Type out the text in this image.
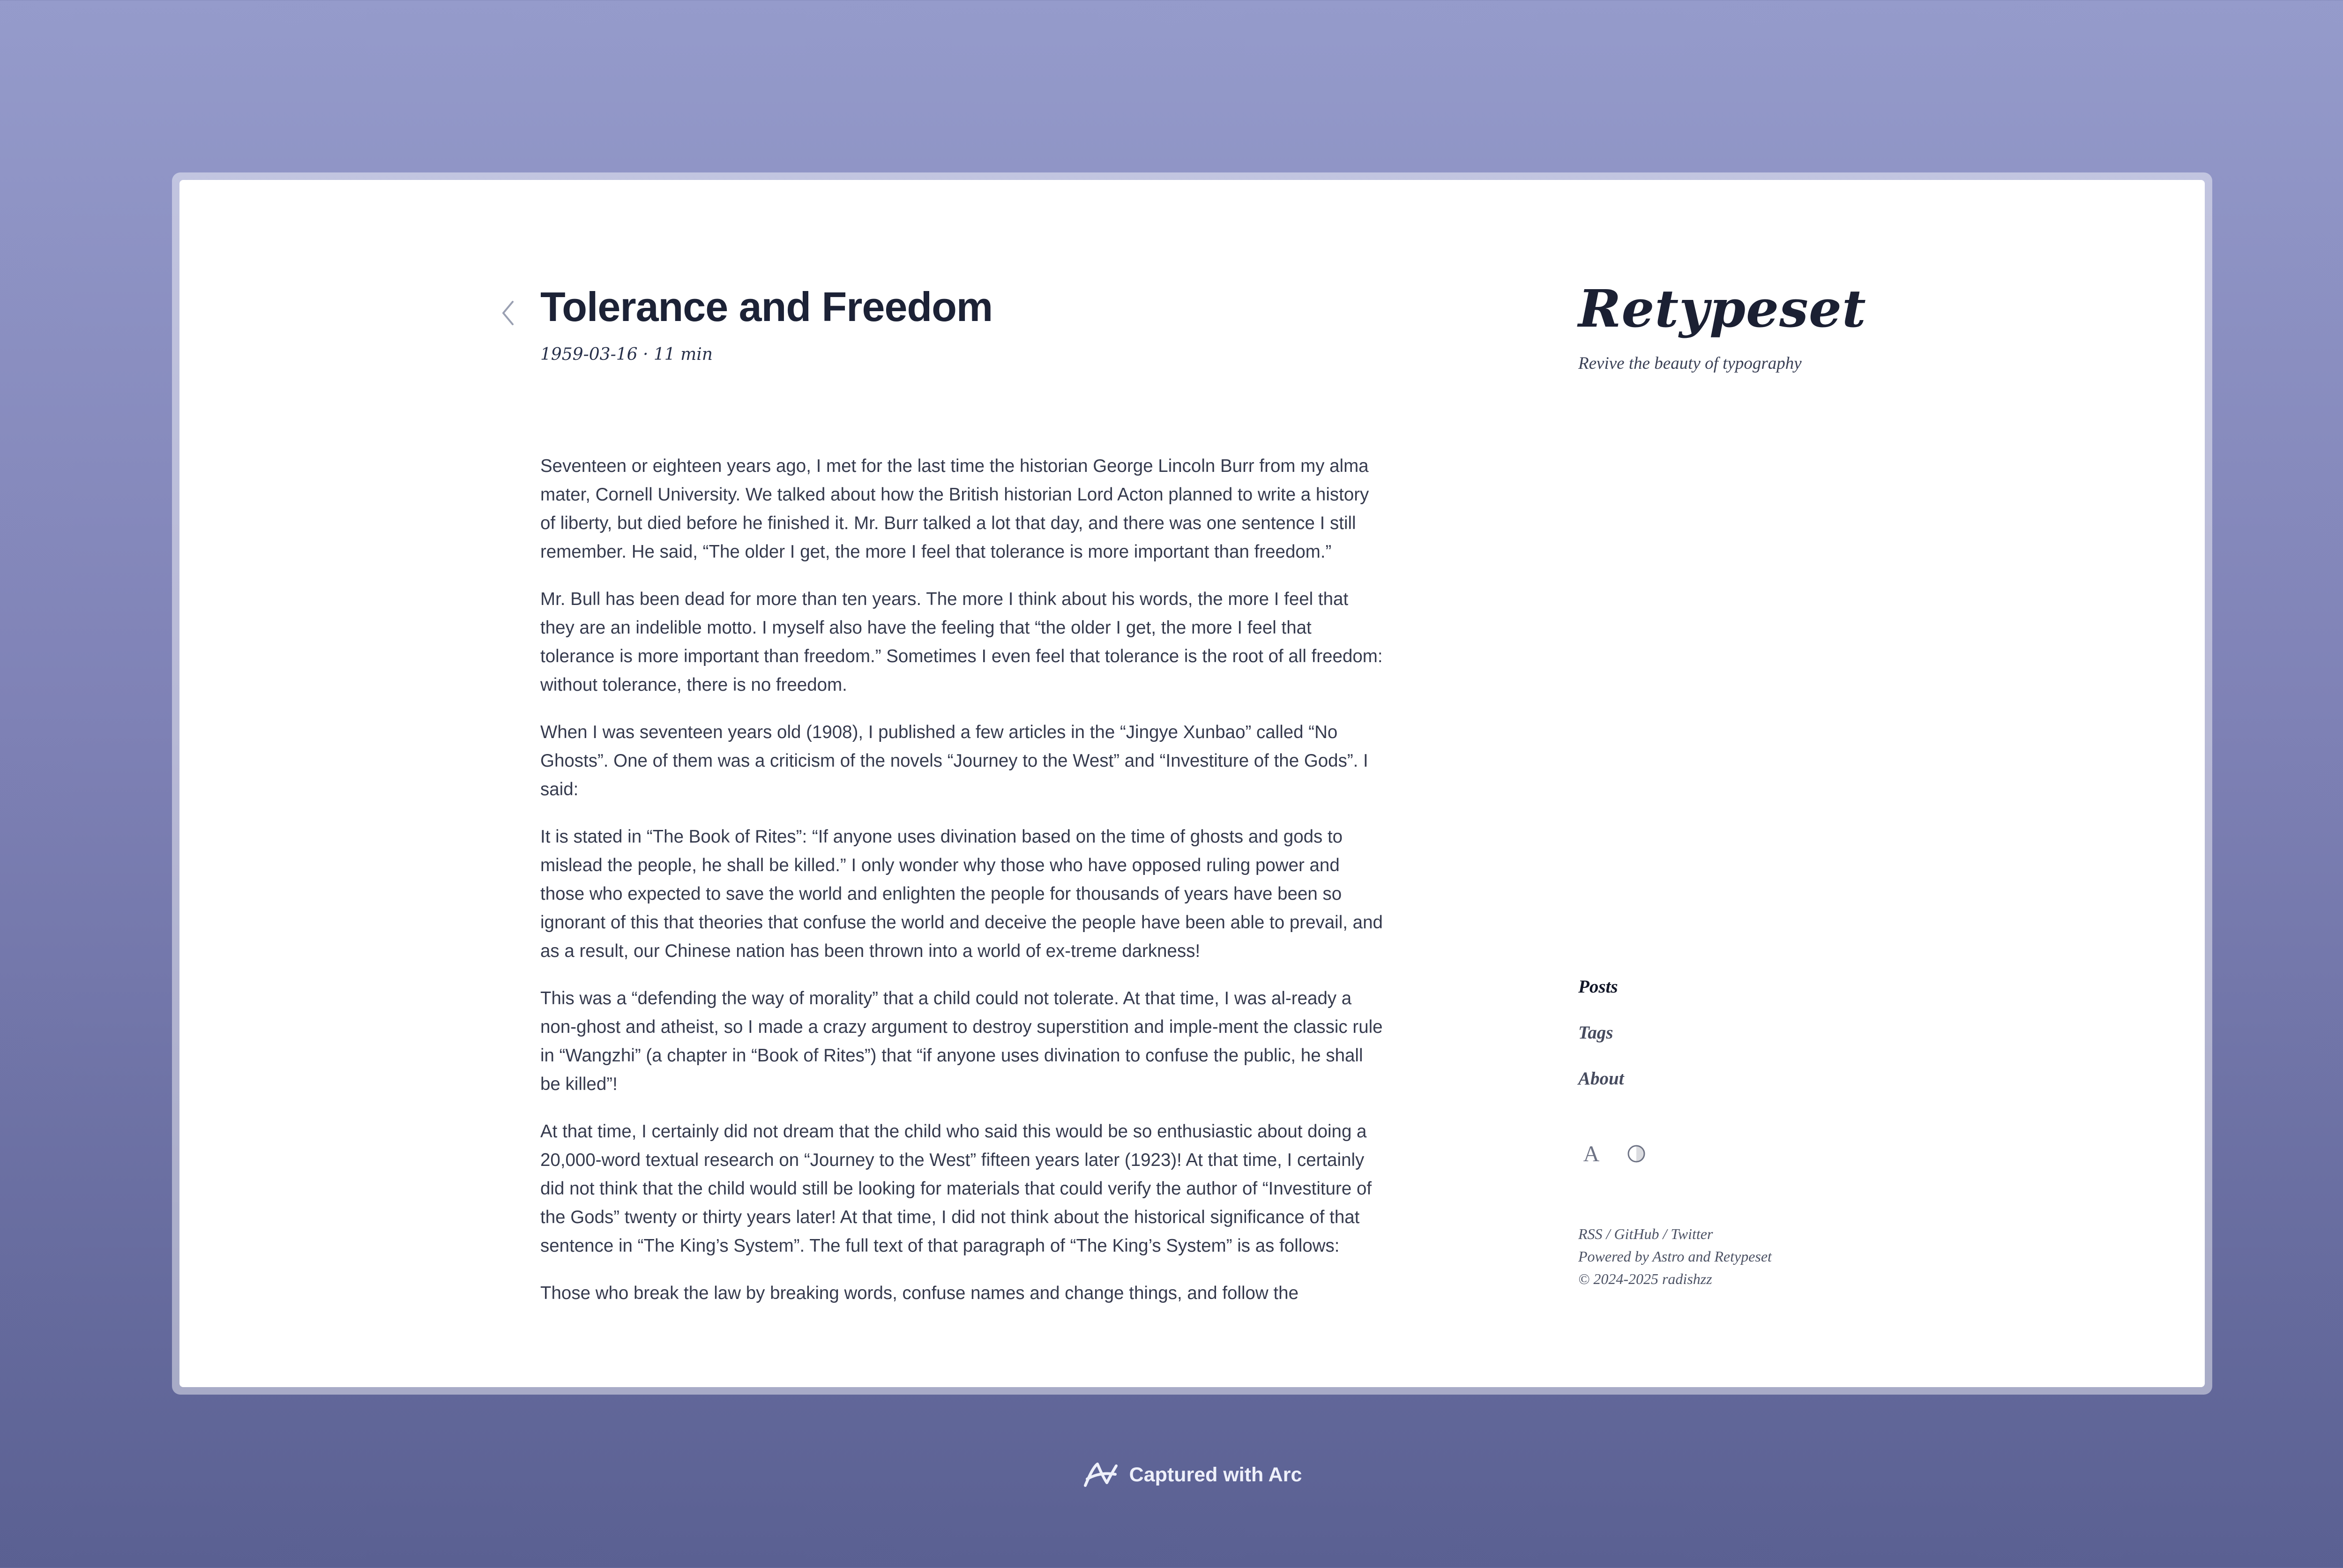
Tolerance and Freedom
1959-03-16 · 11 min

Seventeen or eighteen years ago, I met for the last time the historian George Lincoln Burr from my alma mater, Cornell University. We talked about how the British historian Lord Acton planned to write a history of liberty, but died before he finished it. Mr. Burr talked a lot that day, and there was one sentence I still remember. He said, “The older I get, the more I feel that tolerance is more important than freedom.”

Mr. Bull has been dead for more than ten years. The more I think about his words, the more I feel that they are an indelible motto. I myself also have the feeling that “the older I get, the more I feel that tolerance is more important than freedom.” Sometimes I even feel that tolerance is the root of all freedom: without tolerance, there is no freedom.

When I was seventeen years old (1908), I published a few articles in the “Jingye Xunbao” called “No Ghosts”. One of them was a criticism of the novels “Journey to the West” and “Investiture of the Gods”. I said:

It is stated in “The Book of Rites”: “If anyone uses divination based on the time of ghosts and gods to mislead the people, he shall be killed.” I only wonder why those who have opposed ruling power and those who expected to save the world and enlighten the people for thousands of years have been so ignorant of this that theories that confuse the world and deceive the people have been able to prevail, and as a result, our Chinese nation has been thrown into a world of ex-treme darkness!

This was a “defending the way of morality” that a child could not tolerate. At that time, I was al-ready a non-ghost and atheist, so I made a crazy argument to destroy superstition and imple-ment the classic rule in “Wangzhi” (a chapter in “Book of Rites”) that “if anyone uses divination to confuse the public, he shall be killed”!

At that time, I certainly did not dream that the child who said this would be so enthusiastic about doing a 20,000-word textual research on “Journey to the West” fifteen years later (1923)! At that time, I certainly did not think that the child would still be looking for materials that could verify the author of “Investiture of the Gods” twenty or thirty years later! At that time, I did not think about the historical significance of that sentence in “The King’s System”. The full text of that paragraph of “The King’s System” is as follows:

Those who break the law by breaking words, confuse names and change things, and follow the

Retypeset
Revive the beauty of typography
Posts
Tags
About
A
RSS / GitHub / Twitter
Powered by Astro and Retypeset
© 2024-2025 radishzz
Captured with Arc
